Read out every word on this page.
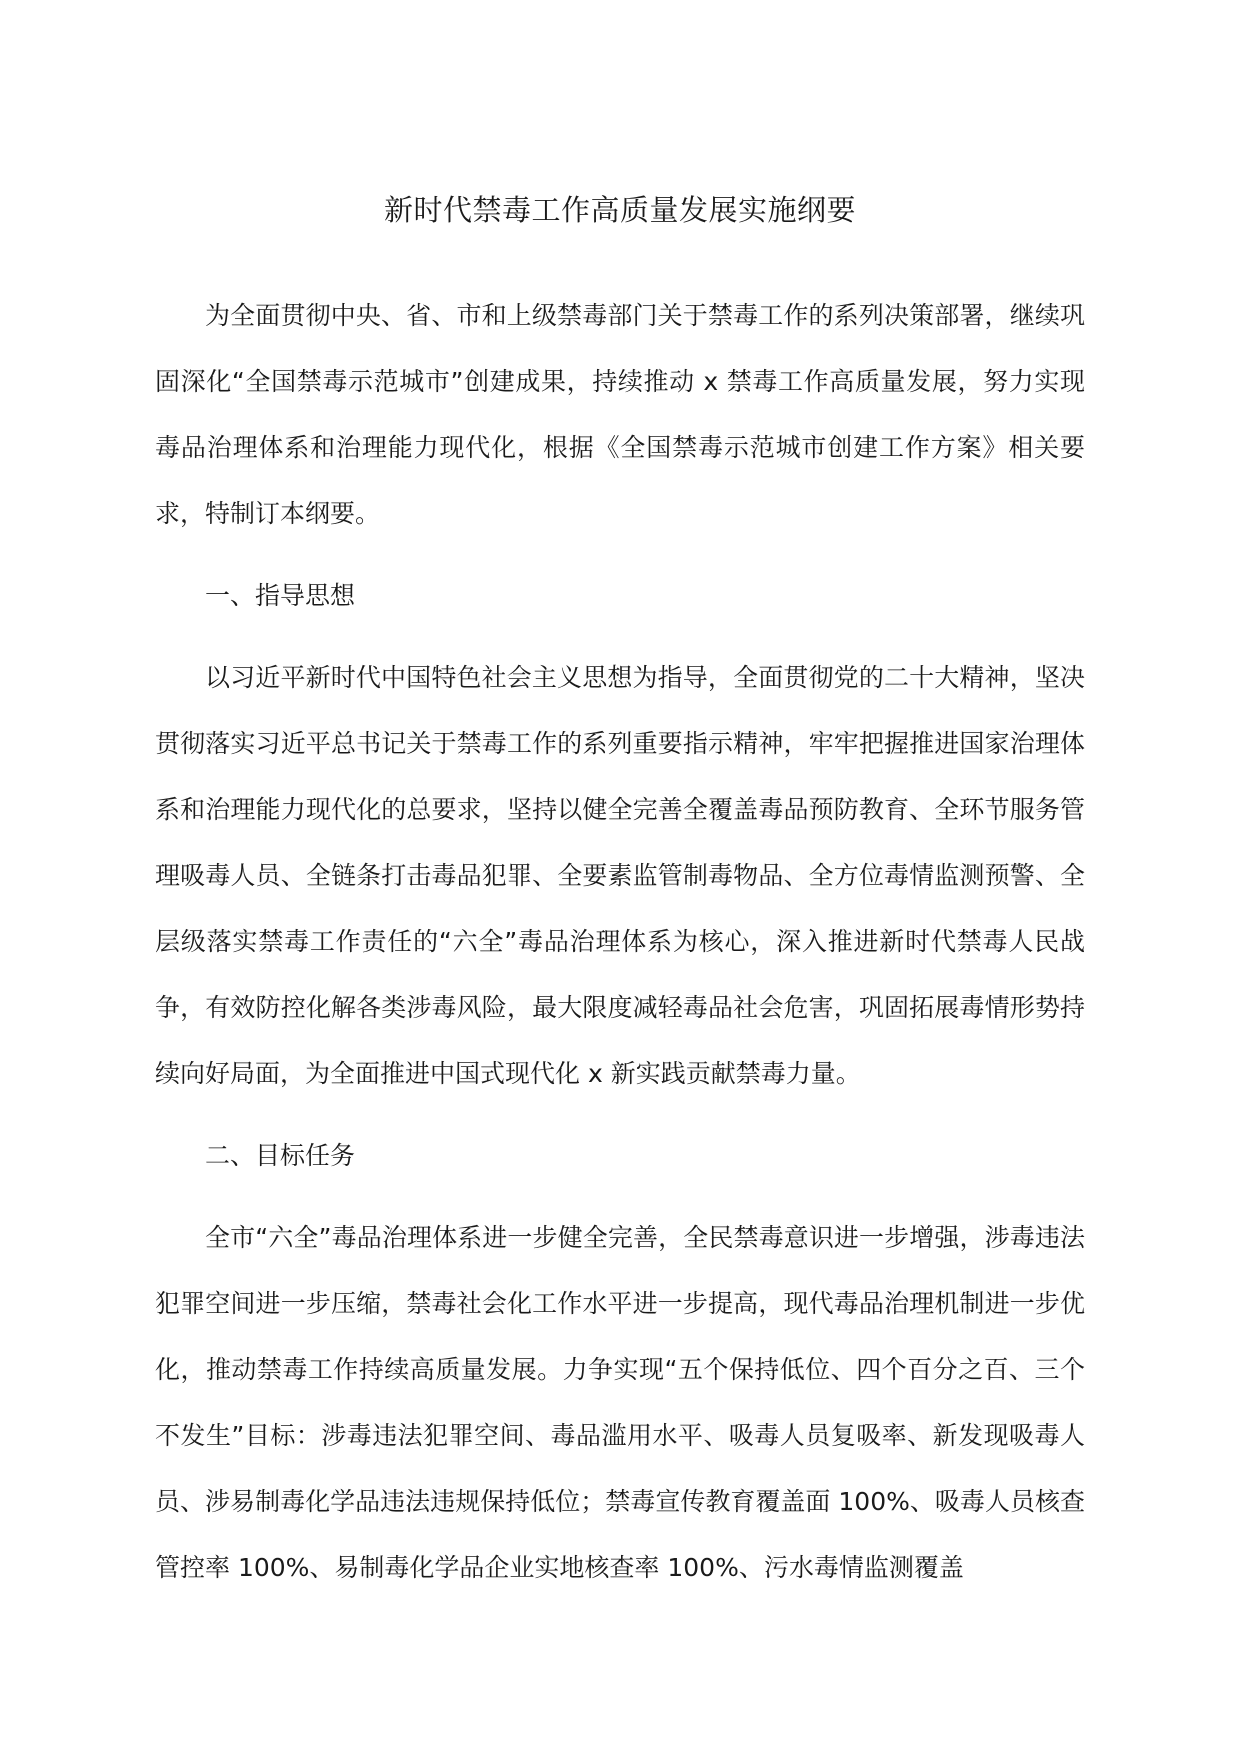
新时代禁毒工作高质量发展实施纲要

为全面贯彻中央、省、市和上级禁毒部门关于禁毒工作的系列决策部署，继续巩固深化“全国禁毒示范城市”创建成果，持续推动 x 禁毒工作高质量发展，努力实现毒品治理体系和治理能力现代化，根据《全国禁毒示范城市创建工作方案》相关要求，特制订本纲要。

一、指导思想

以习近平新时代中国特色社会主义思想为指导，全面贯彻党的二十大精神，坚决贯彻落实习近平总书记关于禁毒工作的系列重要指示精神，牢牢把握推进国家治理体系和治理能力现代化的总要求，坚持以健全完善全覆盖毒品预防教育、全环节服务管理吸毒人员、全链条打击毒品犯罪、全要素监管制毒物品、全方位毒情监测预警、全层级落实禁毒工作责任的“六全”毒品治理体系为核心，深入推进新时代禁毒人民战争，有效防控化解各类涉毒风险，最大限度减轻毒品社会危害，巩固拓展毒情形势持续向好局面，为全面推进中国式现代化 x 新实践贡献禁毒力量。

二、目标任务

全市“六全”毒品治理体系进一步健全完善，全民禁毒意识进一步增强，涉毒违法犯罪空间进一步压缩，禁毒社会化工作水平进一步提高，现代毒品治理机制进一步优化，推动禁毒工作持续高质量发展。力争实现“五个保持低位、四个百分之百、三个不发生”目标：涉毒违法犯罪空间、毒品滥用水平、吸毒人员复吸率、新发现吸毒人员、涉易制毒化学品违法违规保持低位；禁毒宣传教育覆盖面 100%、吸毒人员核查管控率 100%、易制毒化学品企业实地核查率 100%、污水毒情监测覆盖
